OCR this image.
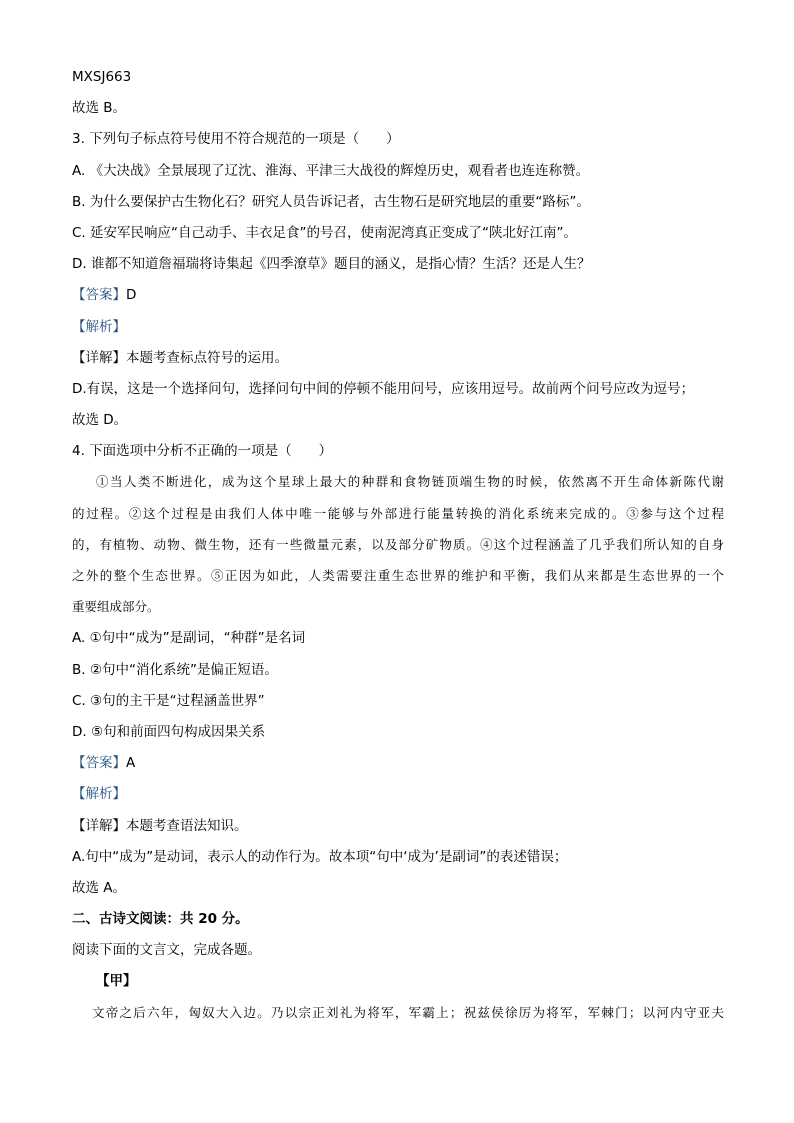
MXSJ663
故选 B。
3. 下列句子标点符号使用不符合规范的一项是（　　）
A. 《大决战》全景展现了辽沈、淮海、平津三大战役的辉煌历史，观看者也连连称赞。
B. 为什么要保护古生物化石？研究人员告诉记者，古生物石是研究地层的重要“路标”。
C. 延安军民响应“自己动手、丰衣足食”的号召，使南泥湾真正变成了“陕北好江南”。
D. 谁都不知道詹福瑞将诗集起《四季潦草》题目的涵义，是指心情？生活？还是人生？
【答案】D
【解析】
【详解】本题考查标点符号的运用。
D.有误，这是一个选择问句，选择问句中间的停顿不能用问号，应该用逗号。故前两个问号应改为逗号；
故选 D。
4. 下面选项中分析不正确的一项是（　　）
①当人类不断进化，成为这个星球上最大的种群和食物链顶端生物的时候，依然离不开生命体新陈代谢
的过程。②这个过程是由我们人体中唯一能够与外部进行能量转换的消化系统来完成的。③参与这个过程
的，有植物、动物、微生物，还有一些微量元素，以及部分矿物质。④这个过程涵盖了几乎我们所认知的自身
之外的整个生态世界。⑤正因为如此，人类需要注重生态世界的维护和平衡，我们从来都是生态世界的一个
重要组成部分。
A. ①句中“成为”是副词，“种群”是名词
B. ②句中“消化系统”是偏正短语。
C. ③句的主干是“过程涵盖世界”
D. ⑤句和前面四句构成因果关系
【答案】A
【解析】
【详解】本题考查语法知识。
A.句中“成为”是动词，表示人的动作行为。故本项“句中‘成为’是副词”的表述错误；
故选 A。
二、古诗文阅读：共 20 分。
阅读下面的文言文，完成各题。
【甲】
文帝之后六年，匈奴大入边。乃以宗正刘礼为将军，军霸上；祝兹侯徐厉为将军，军棘门；以河内守亚夫
